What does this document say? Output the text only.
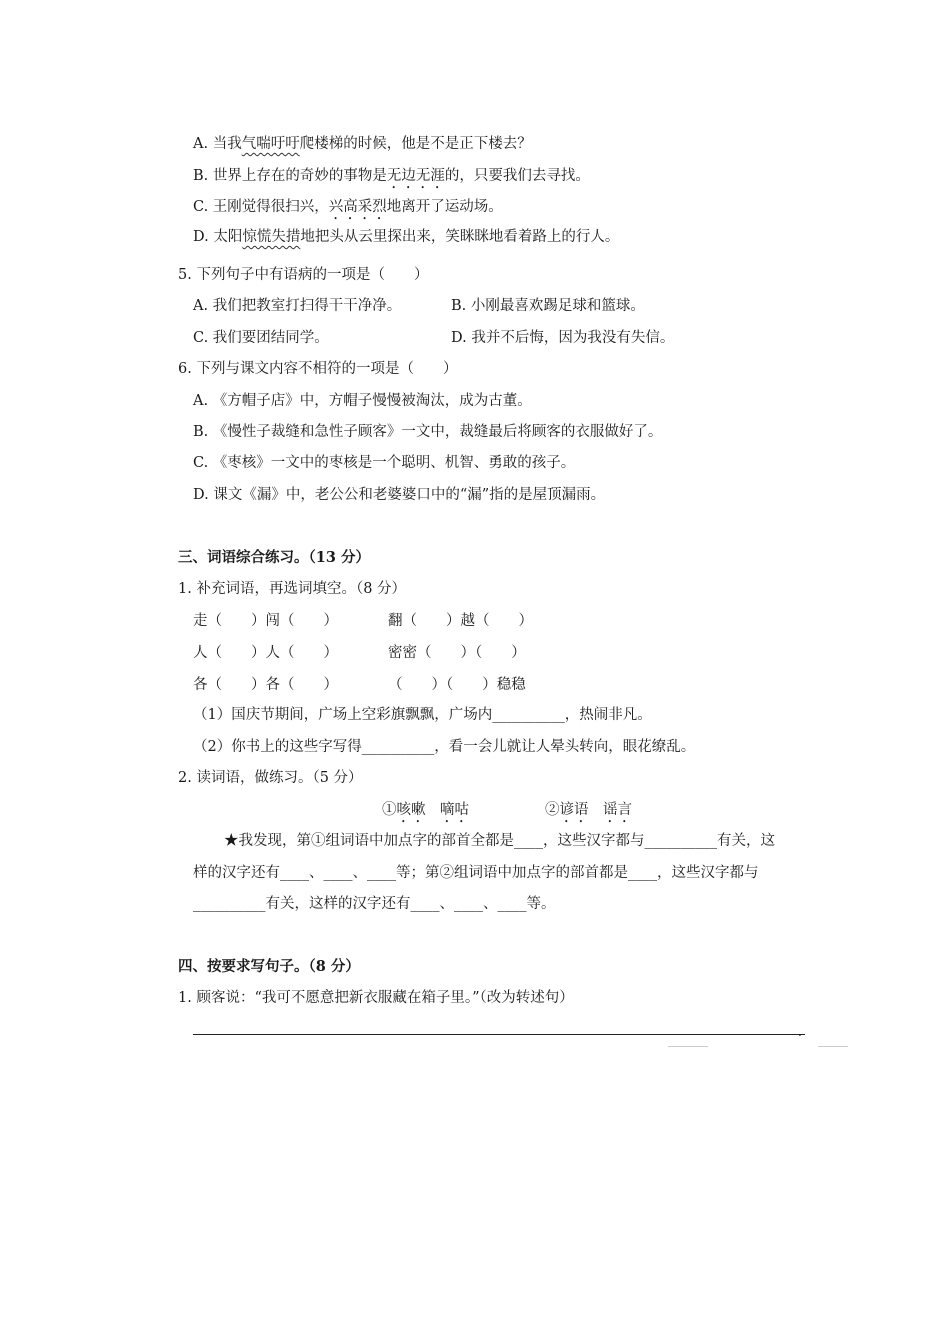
A. 当我气喘吁吁爬楼梯的时候，他是不是正下楼去？
B. 世界上存在的奇妙的事物是无边无涯的，只要我们去寻找。
C. 王刚觉得很扫兴，兴高采烈地离开了运动场。
D. 太阳惊慌失措地把头从云里探出来，笑眯眯地看着路上的行人。
5. 下列句子中有语病的一项是（　　）
A. 我们把教室打扫得干干净净。	B. 小刚最喜欢踢足球和篮球。
C. 我们要团结同学。	D. 我并不后悔，因为我没有失信。
6. 下列与课文内容不相符的一项是（　　）
A. 《方帽子店》中，方帽子慢慢被淘汰，成为古董。
B. 《慢性子裁缝和急性子顾客》一文中，裁缝最后将顾客的衣服做好了。
C. 《枣核》一文中的枣核是一个聪明、机智、勇敢的孩子。
D. 课文《漏》中，老公公和老婆婆口中的“漏”指的是屋顶漏雨。
三、词语综合练习。（13 分）
1. 补充词语，再选词填空。（8 分）
走（　　）闯（　　）	翻（　　）越（　　）
人（　　）人（　　）	密密（　　）（　　）
各（　　）各（　　）	（　　）（　　）稳稳
（1）国庆节期间，广场上空彩旗飘飘，广场内__________，热闹非凡。
（2）你书上的这些字写得__________，看一会儿就让人晕头转向，眼花缭乱。
2. 读词语，做练习。（5 分）
①咳嗽　嘀咕	②谚语　谣言
★我发现，第①组词语中加点字的部首全都是____，这些汉字都与__________有关，这
样的汉字还有____、____、____等；第②组词语中加点字的部首都是____，这些汉字都与
__________有关，这样的汉字还有____、____、____等。
四、按要求写句子。（8 分）
1. 顾客说：“我可不愿意把新衣服藏在箱子里。”（改为转述句）
.
